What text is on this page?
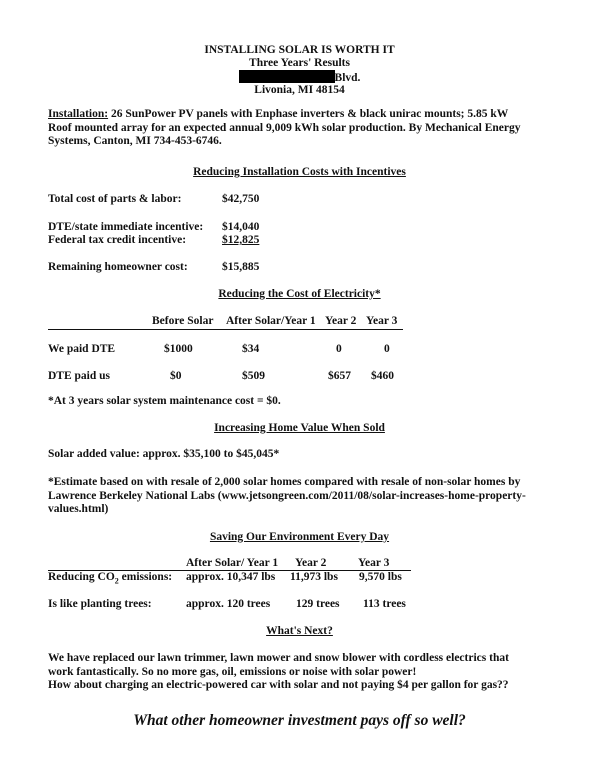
INSTALLING SOLAR IS WORTH IT
Three Years' Results
Blvd.
Livonia, MI 48154
Installation: 26 SunPower PV panels with Enphase inverters & black unirac mounts; 5.85 kW
Roof mounted array for an expected annual 9,009 kWh solar production. By Mechanical Energy
Systems, Canton, MI 734-453-6746.
Reducing Installation Costs with Incentives
Total cost of parts & labor:	$42,750
DTE/state immediate incentive: $14,040
Federal tax credit incentive:	$12,825
Remaining homeowner cost:	$15,885
Reducing the Cost of Electricity*
Before Solar After Solar/Year 1 Year 2 Year 3
We paid DTE	$1000	$34	0	0
DTE paid us	$0	$509	$657 $460
*At 3 years solar system maintenance cost = $0.
Increasing Home Value When Sold
Solar added value: approx. $35,100 to $45,045*
*Estimate based on with resale of 2,000 solar homes compared with resale of non-solar homes by
Lawrence Berkeley National Labs (www.jetsongreen.com/2011/08/solar-increases-home-property-
values.html)
Saving Our Environment Every Day
After Solar/ Year 1 Year 2	Year 3
Reducing $CO_2$ emissions: approx. 10,347 lbs 11,973 lbs 9,570 lbs
Is like planting trees:	approx. 120 trees 129 trees 113 trees
What's Next?
We have replaced our lawn trimmer, lawn mower and snow blower with cordless electrics that
work fantastically. So no more gas, oil, emissions or noise with solar power!
How about charging an electric-powered car with solar and not paying $4 per gallon for gas??
What other homeowner investment pays off so well?
